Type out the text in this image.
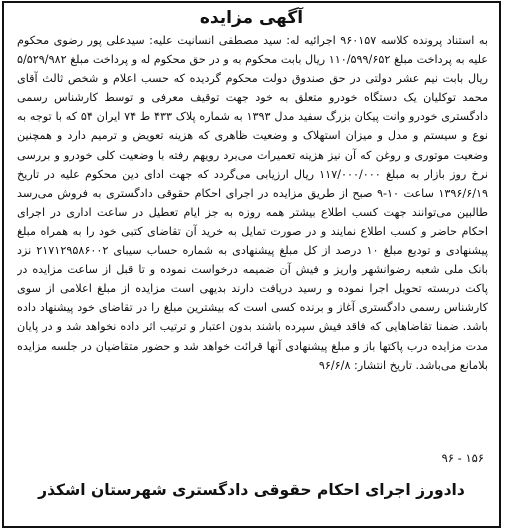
آگهی مزایده
به استناد پرونده کلاسه ۹۶۰۱۵۷ اجرائیه له: سید مصطفی انسانیت علیه: سیدعلی پور رضوی محکوم علیه به پرداخت مبلغ ۱۱۰/۵۹۹/۶۵۲ ریال بابت محکوم به و در حق محکوم له و پرداخت مبلغ ۵/۵۲۹/۹۸۲ ریال بابت نیم عشر دولتی در حق صندوق دولت محکوم گردیده که حسب اعلام و شخص ثالث آقای محمد توکلیان یک دستگاه خودرو متعلق به خود جهت توقیف معرفی و توسط کارشناس رسمی دادگستری خودرو وانت پیکان بزرگ سفید مدل ۱۳۹۳ به شماره پلاک ۴۳۳ ط ۷۴ ایران ۵۴ که با توجه به نوع و سیستم و مدل و میزان استهلاک و وضعیت ظاهری که هزینه تعویض و ترمیم دارد و همچنین وضعیت موتوری و روغن که آن نیز هزینه تعمیرات می‌برد رویهم رفته با وضعیت کلی خودرو و بررسی نرخ روز بازار به مبلغ ۱۱۷/۰۰۰/۰۰۰ ریال ارزیابی می‌گردد که جهت ادای دین محکوم علیه در تاریخ ۱۳۹۶/۶/۱۹ ساعت ۱۰-۹ صبح از طریق مزایده در اجرای احکام حقوقی دادگستری به فروش می‌رسد طالبین می‌توانند جهت کسب اطلاع بیشتر همه روزه به جز ایام تعطیل در ساعت اداری در اجرای احکام حاضر و کسب اطلاع نمایند و در صورت تمایل به خرید آن تقاضای کتبی خود را به همراه مبلغ پیشنهادی و تودیع مبلغ ۱۰ درصد از کل مبلغ پیشنهادی به شماره حساب سیبای ۲۱۷۱۲۹۵۸۶۰۰۲ نزد بانک ملی شعبه رضوانشهر واریز و فیش آن ضمیمه درخواست نموده و تا قبل از ساعت مزایده در پاکت دربسته تحویل اجرا نموده و رسید دریافت دارند بدیهی است مزایده از مبلغ اعلامی از سوی کارشناس رسمی دادگستری آغاز و برنده کسی است که بیشترین مبلغ را در تقاضای خود پیشنهاد داده باشد. ضمنا تقاضاهایی که فاقد فیش سپرده باشند بدون اعتبار و ترتیب اثر داده نخواهد شد و در پایان مدت مزایده درب پاکتها باز و مبلغ پیشنهادی آنها قرائت خواهد شد و حضور متقاضیان در جلسه مزایده بلامانع می‌باشد. تاریخ انتشار: ۹۶/۶/۸
۱۵۶ - ۹۶
دادورز اجرای احکام حقوقی دادگستری شهرستان اشکذر
